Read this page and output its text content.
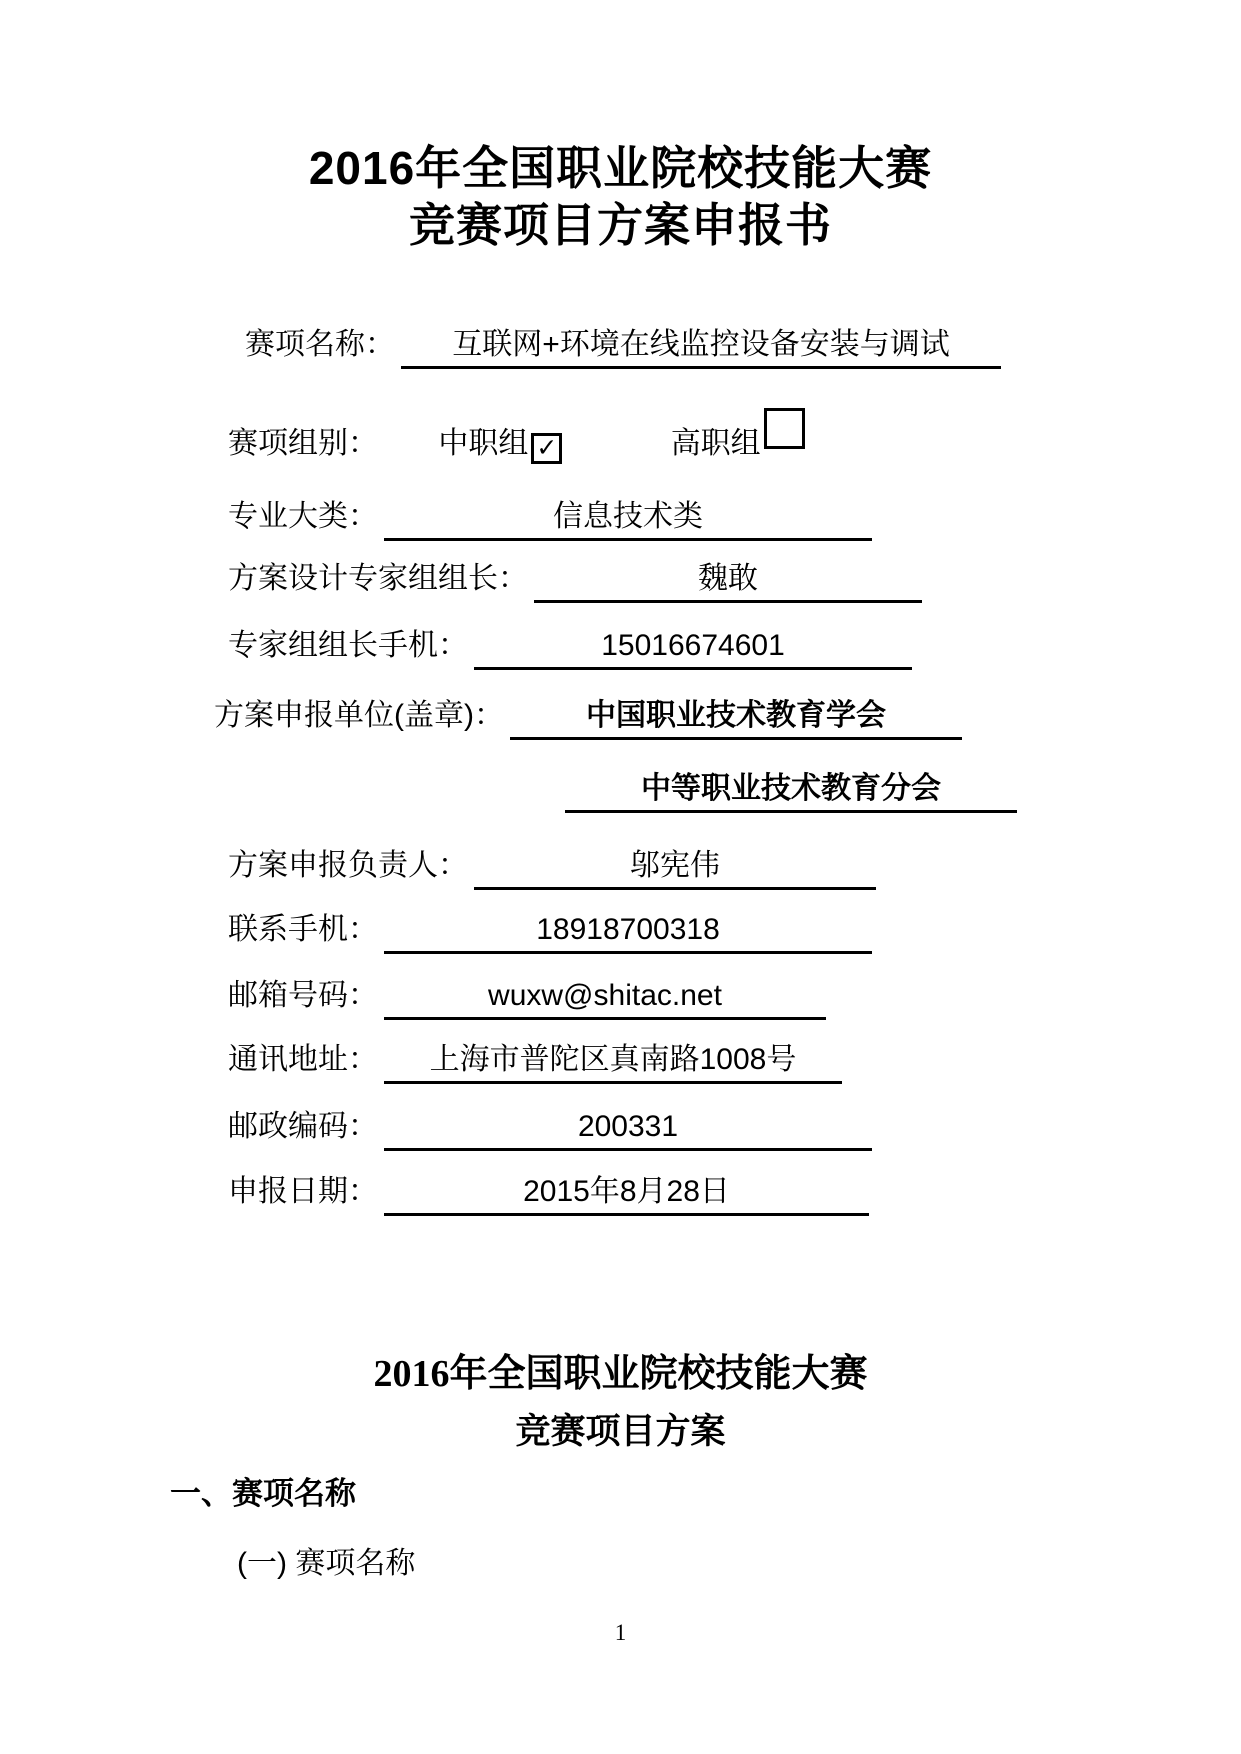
2016年全国职业院校技能大赛
竞赛项目方案申报书
赛项名称： 互联网+环境在线监控设备安装与调试
赛项组别： 中职组 ✓	高职组
专业大类：	信息技术类
方案设计专家组组长：	魏敢
专家组组长手机：	15016674601
方案申报单位(盖章)：	中国职业技术教育学会
中等职业技术教育分会
方案申报负责人：	邬宪伟
联系手机：	18918700318
邮箱号码：	wuxw@shitac.net
通讯地址： 上海市普陀区真南路1008号
邮政编码：	200331
申报日期：	2015年8月28日
2016年全国职业院校技能大赛
竞赛项目方案
一、赛项名称
(一) 赛项名称
1
